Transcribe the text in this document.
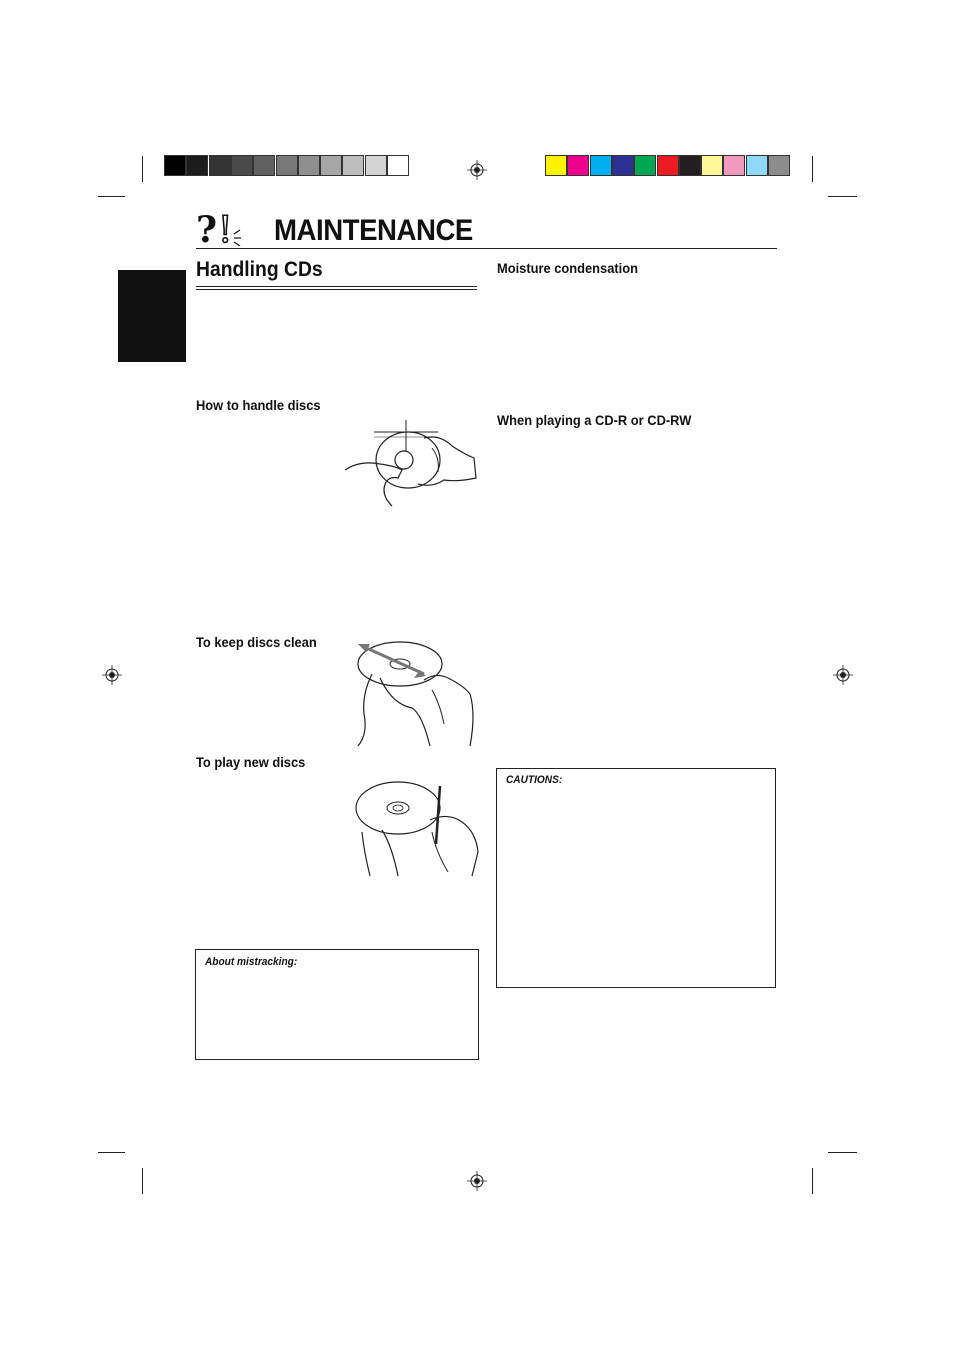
? ! MAINTENANCE
Handling CDs
How to handle discs
To keep discs clean
To play new discs
About mistracking:
Moisture condensation
When playing a CD-R or CD-RW
CAUTIONS:
